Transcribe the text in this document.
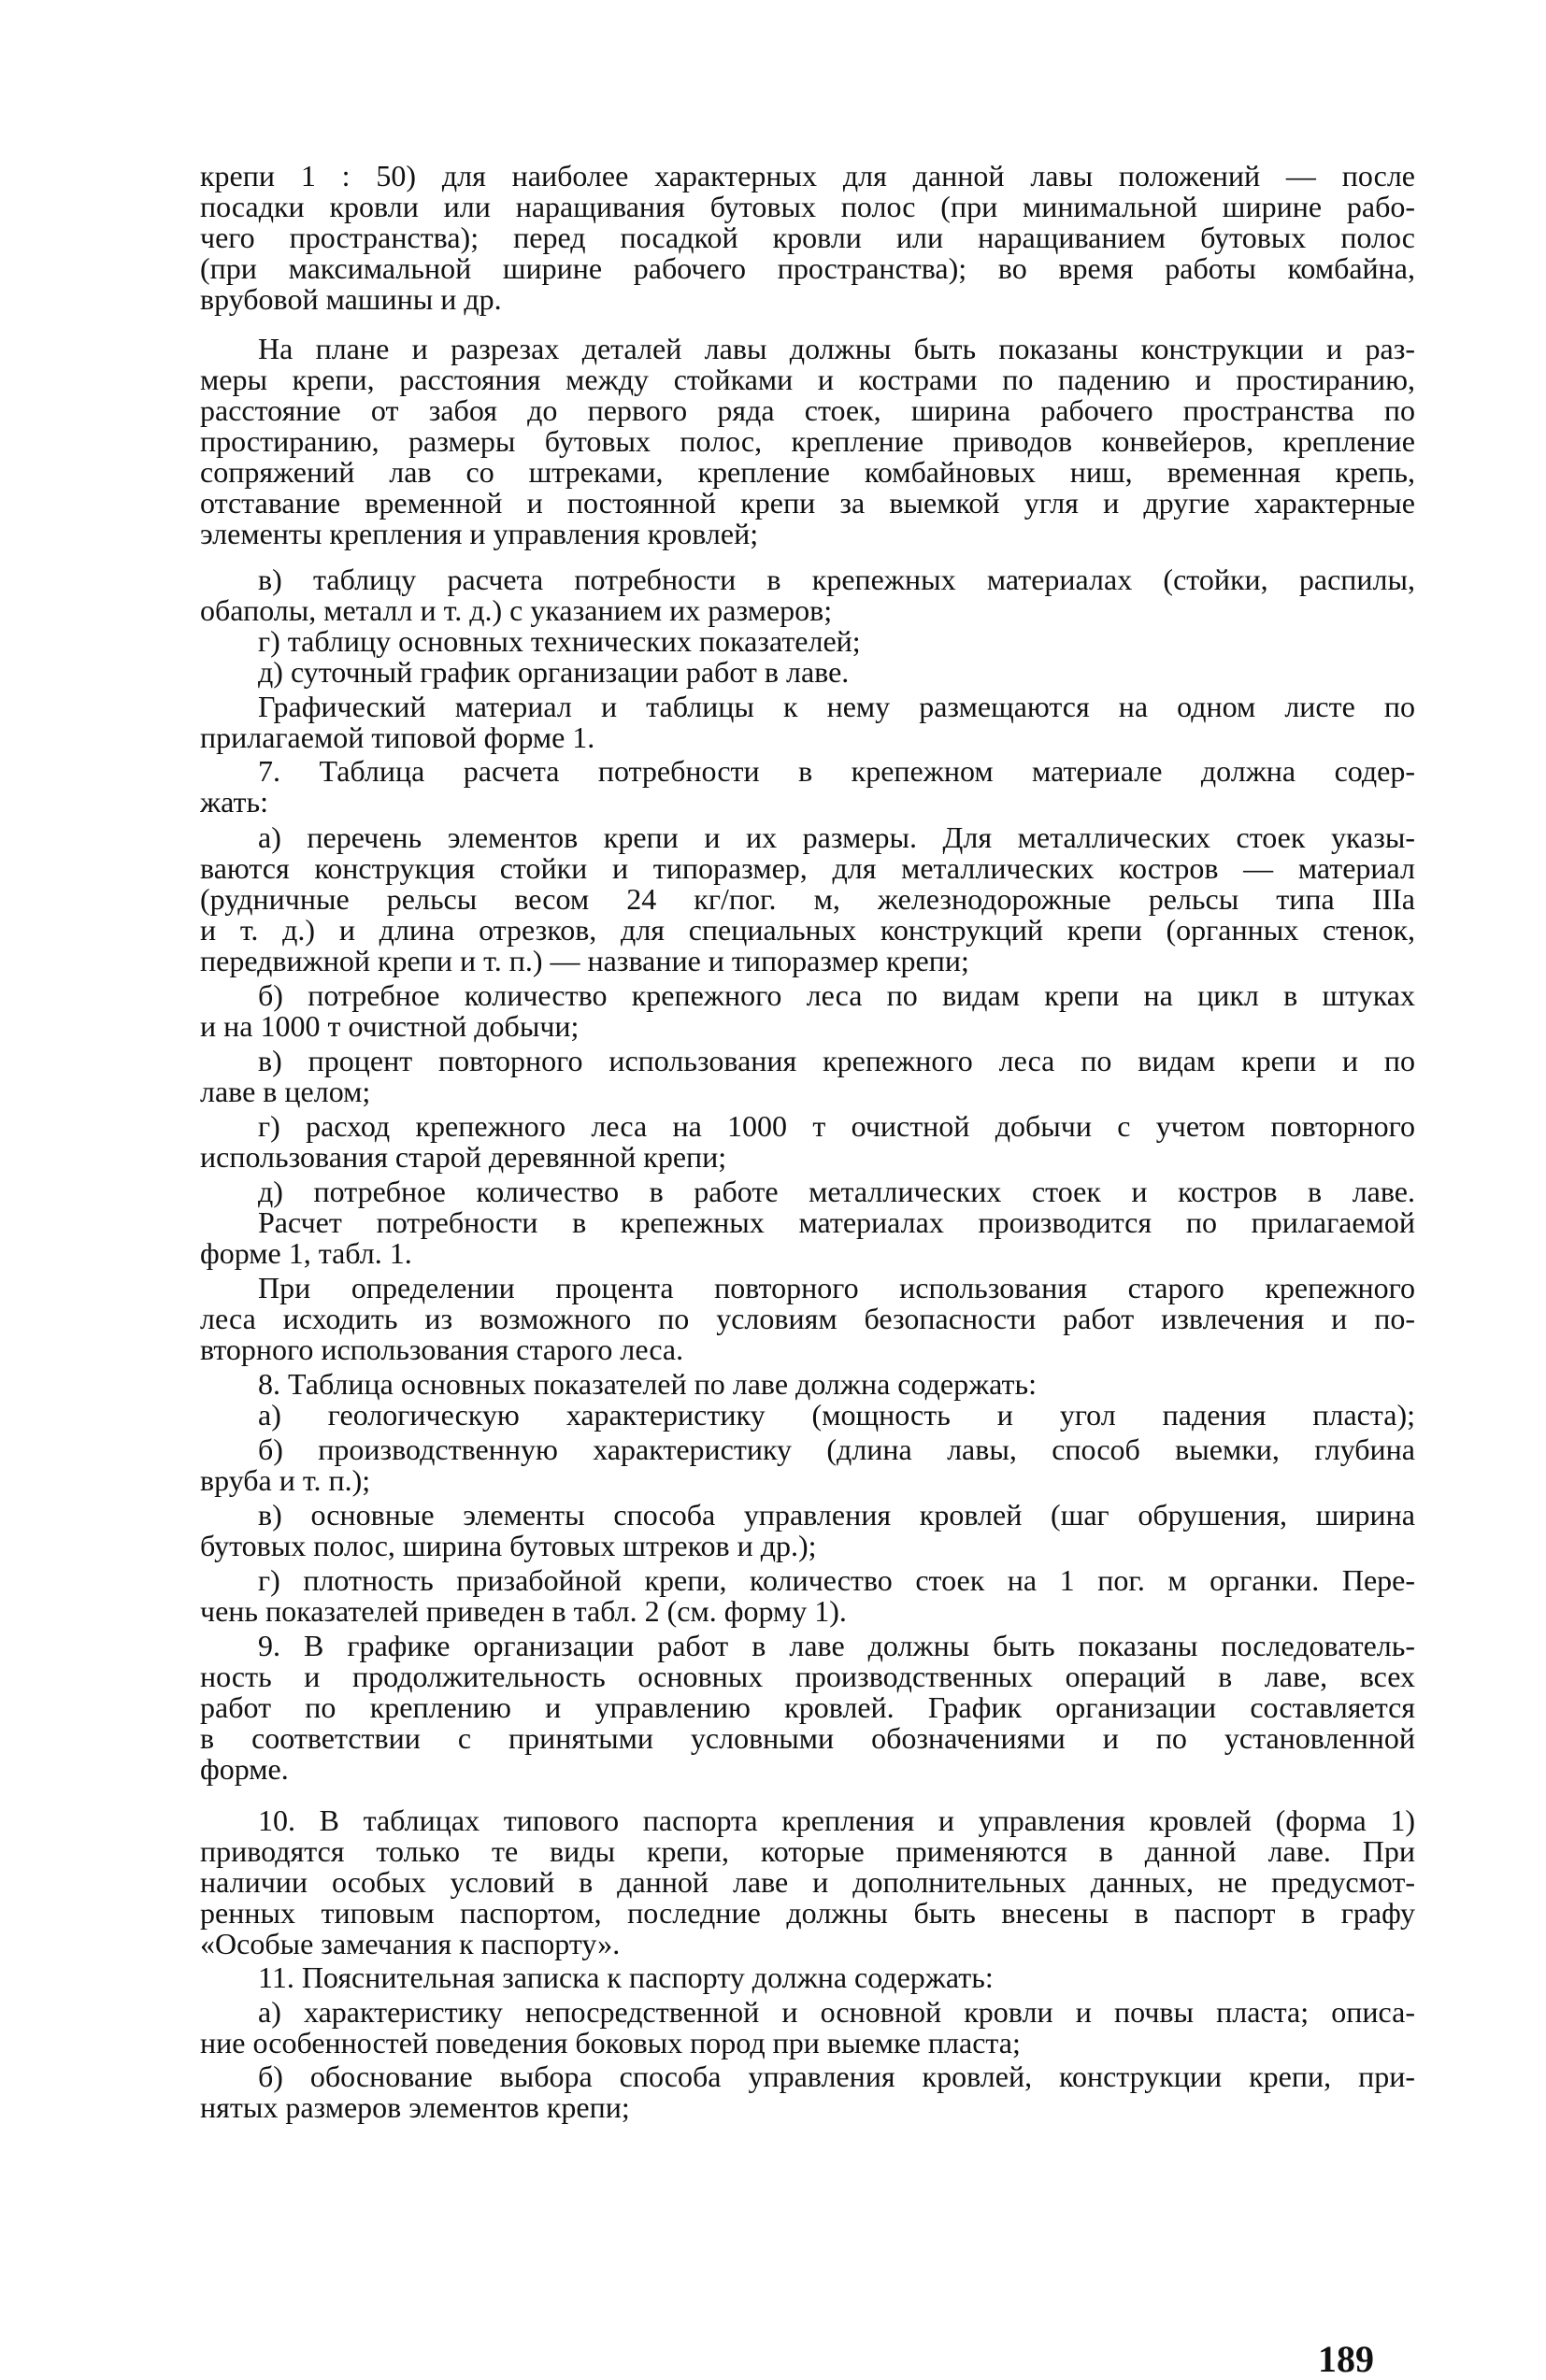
крепи 1 : 50) для наиболее характерных для данной лавы положений — после
посадки кровли или наращивания бутовых полос (при минимальной ширине рабо-
чего пространства); перед посадкой кровли или наращиванием бутовых полос
(при максимальной ширине рабочего пространства); во время работы комбайна,
врубовой машины и др.
На плане и разрезах деталей лавы должны быть показаны конструкции и раз-
меры крепи, расстояния между стойками и кострами по падению и простиранию,
расстояние от забоя до первого ряда стоек, ширина рабочего пространства по
простиранию, размеры бутовых полос, крепление приводов конвейеров, крепление
сопряжений лав со штреками, крепление комбайновых ниш, временная крепь,
отставание временной и постоянной крепи за выемкой угля и другие характерные
элементы крепления и управления кровлей;
в) таблицу расчета потребности в крепежных материалах (стойки, распилы,
обаполы, металл и т. д.) с указанием их размеров;
г) таблицу основных технических показателей;
д) суточный график организации работ в лаве.
Графический материал и таблицы к нему размещаются на одном листе по
прилагаемой типовой форме 1.
7. Таблица расчета потребности в крепежном материале должна содер-
жать:
а) перечень элементов крепи и их размеры. Для металлических стоек указы-
ваются конструкция стойки и типоразмер, для металлических костров — материал
(рудничные рельсы весом 24 кг/пог. м, железнодорожные рельсы типа IIIа
и т. д.) и длина отрезков, для специальных конструкций крепи (органных стенок,
передвижной крепи и т. п.) — название и типоразмер крепи;
б) потребное количество крепежного леса по видам крепи на цикл в штуках
и на 1000 т очистной добычи;
в) процент повторного использования крепежного леса по видам крепи и по
лаве в целом;
г) расход крепежного леса на 1000 т очистной добычи с учетом повторного
использования старой деревянной крепи;
д) потребное количество в работе металлических стоек и костров в лаве.
Расчет потребности в крепежных материалах производится по прилагаемой
форме 1, табл. 1.
При определении процента повторного использования старого крепежного
леса исходить из возможного по условиям безопасности работ извлечения и по-
вторного использования старого леса.
8. Таблица основных показателей по лаве должна содержать:
а) геологическую характеристику (мощность и угол падения пласта);
б) производственную характеристику (длина лавы, способ выемки, глубина
вруба и т. п.);
в) основные элементы способа управления кровлей (шаг обрушения, ширина
бутовых полос, ширина бутовых штреков и др.);
г) плотность призабойной крепи, количество стоек на 1 пог. м органки. Пере-
чень показателей приведен в табл. 2 (см. форму 1).
9. В графике организации работ в лаве должны быть показаны последователь-
ность и продолжительность основных производственных операций в лаве, всех
работ по креплению и управлению кровлей. График организации составляется
в соответствии с принятыми условными обозначениями и по установленной
форме.
10. В таблицах типового паспорта крепления и управления кровлей (форма 1)
приводятся только те виды крепи, которые применяются в данной лаве. При
наличии особых условий в данной лаве и дополнительных данных, не предусмот-
ренных типовым паспортом, последние должны быть внесены в паспорт в графу
«Особые замечания к паспорту».
11. Пояснительная записка к паспорту должна содержать:
а) характеристику непосредственной и основной кровли и почвы пласта; описа-
ние особенностей поведения боковых пород при выемке пласта;
б) обоснование выбора способа управления кровлей, конструкции крепи, при-
нятых размеров элементов крепи;
189
